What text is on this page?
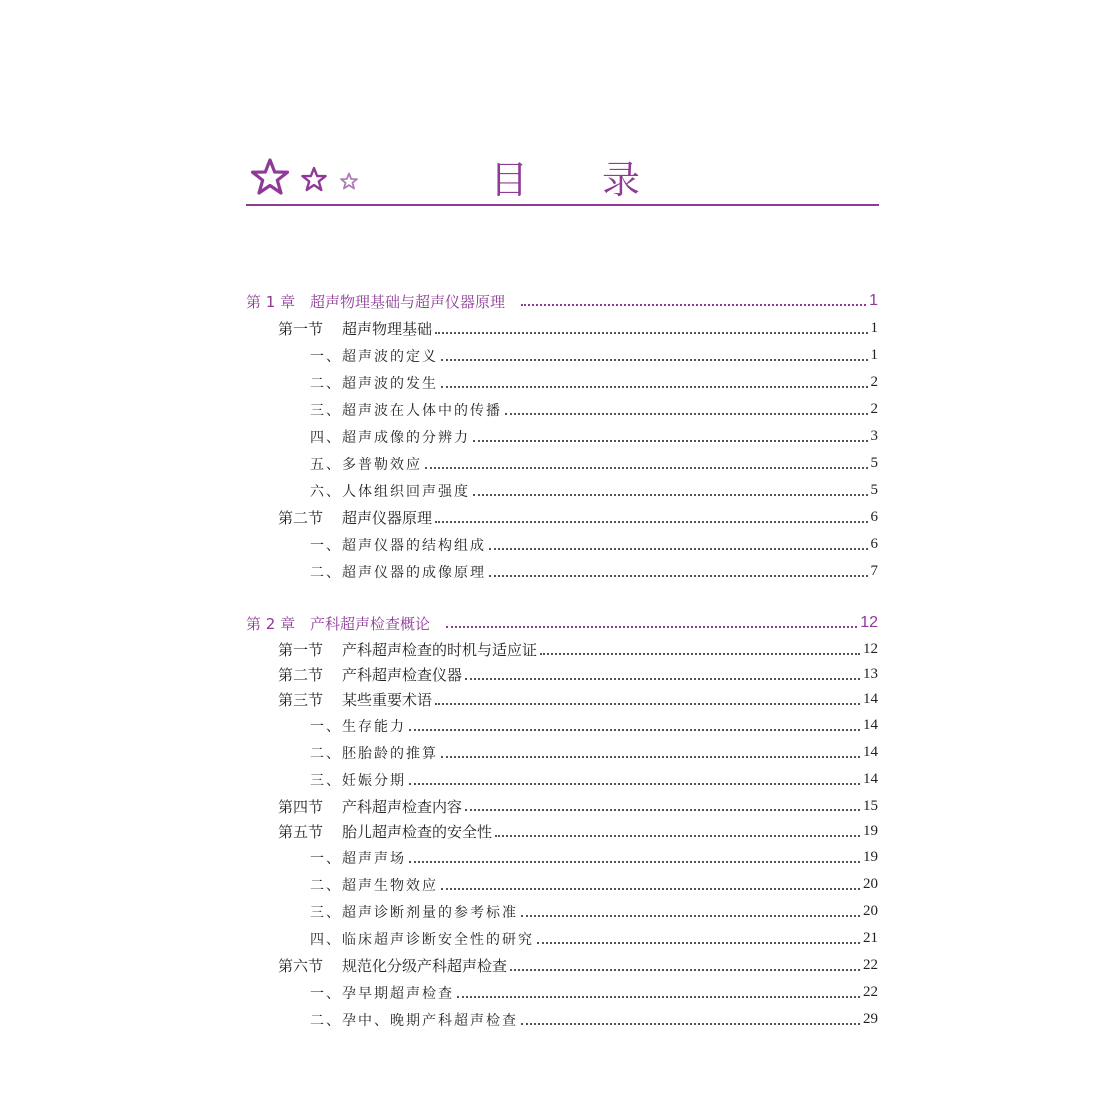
目 录
第 1 章 超声物理基础与超声仪器原理	1
第一节 超声物理基础	1
一、超声波的定义	1
二、超声波的发生	2
三、超声波在人体中的传播	2
四、超声成像的分辨力	3
五、多普勒效应	5
六、人体组织回声强度	5
第二节 超声仪器原理	6
一、超声仪器的结构组成	6
二、超声仪器的成像原理	7
第 2 章 产科超声检查概论	12
第一节 产科超声检查的时机与适应证	12
第二节 产科超声检查仪器	13
第三节 某些重要术语	14
一、生存能力	14
二、胚胎龄的推算	14
三、妊娠分期	14
第四节 产科超声检查内容	15
第五节 胎儿超声检查的安全性	19
一、超声声场	19
二、超声生物效应	20
三、超声诊断剂量的参考标准	20
四、临床超声诊断安全性的研究	21
第六节 规范化分级产科超声检查	22
一、孕早期超声检查	22
二、孕中、晚期产科超声检查	29
